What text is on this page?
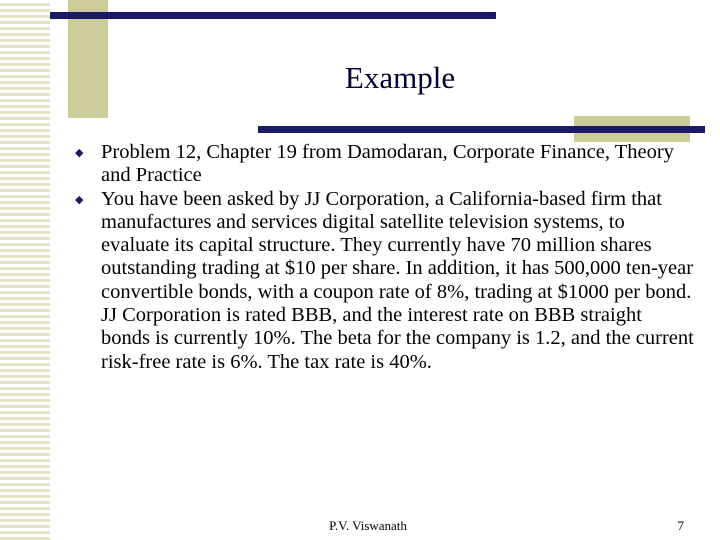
Example
◆ Problem 12, Chapter 19 from Damodaran, Corporate Finance, Theory and Practice
◆ You have been asked by JJ Corporation, a California-based firm that manufactures and services digital satellite television systems, to evaluate its capital structure. They currently have 70 million shares outstanding trading at $10 per share. In addition, it has 500,000 ten-year convertible bonds, with a coupon rate of 8%, trading at $1000 per bond. JJ Corporation is rated BBB, and the interest rate on BBB straight bonds is currently 10%. The beta for the company is 1.2, and the current risk-free rate is 6%. The tax rate is 40%.
P.V. Viswanath	7
